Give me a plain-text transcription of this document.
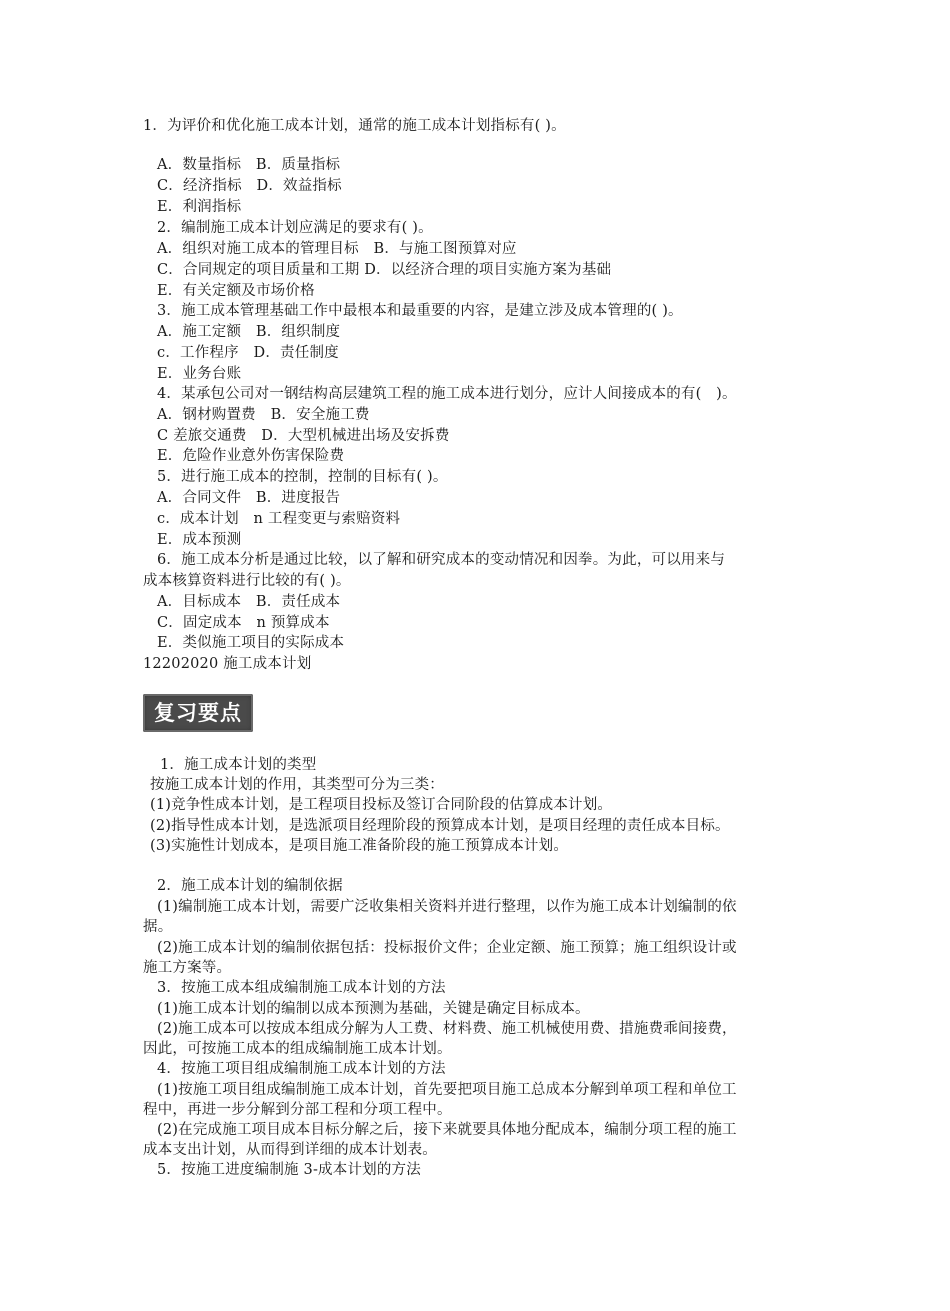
1．为评价和优化施工成本计划，通常的施工成本计划指标有( )。
A．数量指标　B．质量指标
C．经济指标　D．效益指标
E．利润指标
2．编制施工成本计划应满足的要求有( )。
A．组织对施工成本的管理目标　B．与施工图预算对应
C．合同规定的项目质量和工期 D．以经济合理的项目实施方案为基础
E．有关定额及市场价格
3．施工成本管理基础工作中最根本和最重要的内容，是建立涉及成本管理的( )。
A．施工定额　B．组织制度
c．工作程序　D．责任制度
E．业务台账
4．某承包公司对一钢结构高层建筑工程的施工成本进行划分，应计人间接成本的有(　)。
A．钢材购置费　B．安全施工费
C 差旅交通费　D．大型机械进出场及安拆费
E．危险作业意外伤害保险费
5．进行施工成本的控制，控制的目标有( )。
A．合同文件　B．进度报告
c．成本计划　n 工程变更与索赔资料
E．成本预测
6．施工成本分析是通过比较，以了解和研究成本的变动情况和因拳。为此，可以用来与
成本核算资料进行比较的有( )。
A．目标成本　B．责任成本
C．固定成本　n 预算成本
E．类似施工项目的实际成本
12202020 施工成本计划
复习要点
1．施工成本计划的类型
按施工成本计划的作用，其类型可分为三类：
(1)竞争性成本计划，是工程项目投标及签订合同阶段的估算成本计划。
(2)指导性成本计划，是选派项目经理阶段的预算成本计划，是项目经理的责任成本目标。
(3)实施性计划成本，是项目施工准备阶段的施工预算成本计划。
2．施工成本计划的编制依据
(1)编制施工成本计划，需要广泛收集相关资料并进行整理，以作为施工成本计划编制的依
据。
(2)施工成本计划的编制依据包括：投标报价文件；企业定额、施工预算；施工组织设计或
施工方案等。
3．按施工成本组成编制施工成本计划的方法
(1)施工成本计划的编制以成本预测为基础，关键是确定目标成本。
(2)施工成本可以按成本组成分解为人工费、材料费、施工机械使用费、措施费乖间接费，
因此，可按施工成本的组成编制施工成本计划。
4．按施工项目组成编制施工成本计划的方法
(1)按施工项目组成编制施工成本计划，首先要把项目施工总成本分解到单项工程和单位工
程中，再进一步分解到分部工程和分项工程中。
(2)在完成施工项目成本目标分解之后，接下来就要具体地分配成本，编制分项工程的施工
成本支出计划，从而得到详细的成本计划表。
5．按施工进度编制施 3-成本计划的方法
